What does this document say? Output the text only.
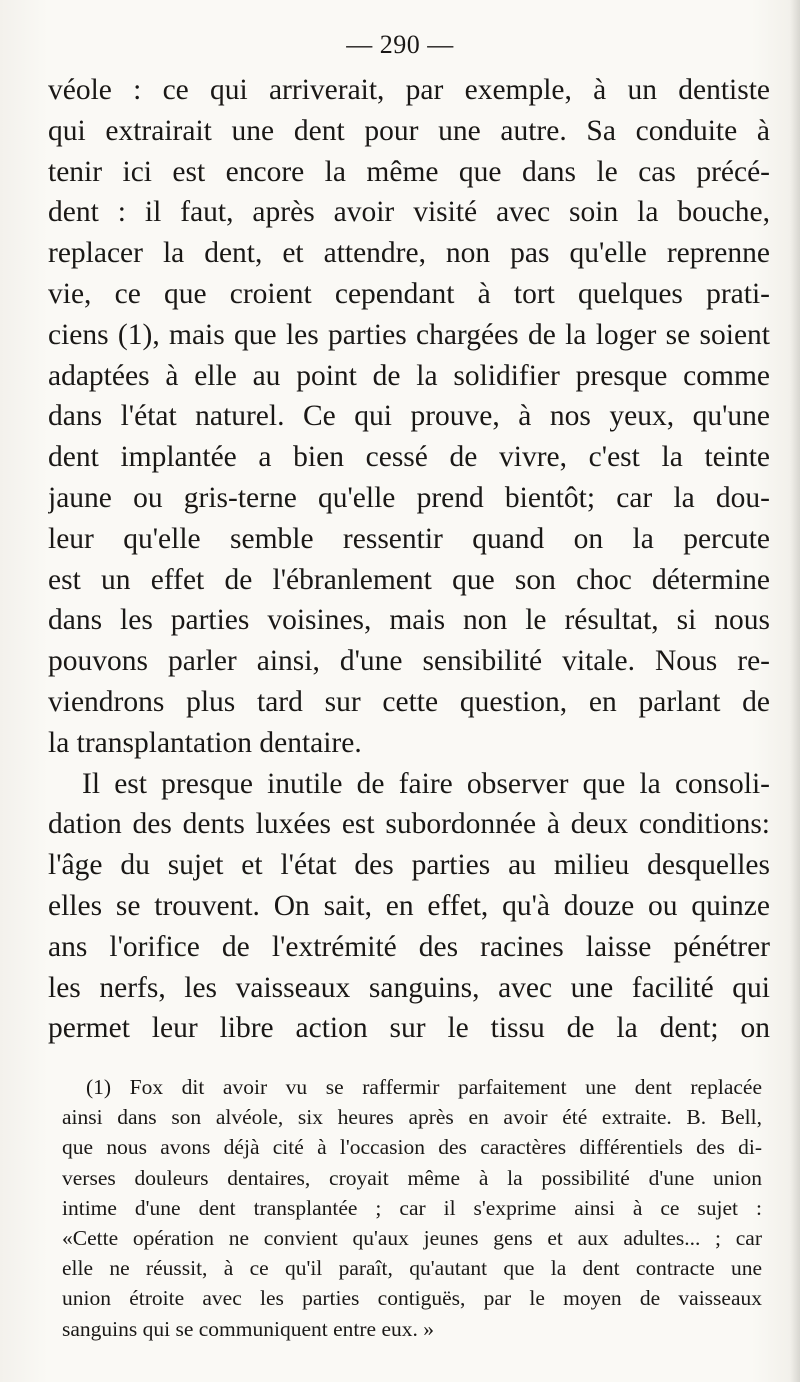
— 290 —
véole : ce qui arriverait, par exemple, à un dentiste
qui extrairait une dent pour une autre. Sa conduite à
tenir ici est encore la même que dans le cas précé-
dent : il faut, après avoir visité avec soin la bouche,
replacer la dent, et attendre, non pas qu'elle reprenne
vie, ce que croient cependant à tort quelques prati-
ciens (1), mais que les parties chargées de la loger se soient
adaptées à elle au point de la solidifier presque comme
dans l'état naturel. Ce qui prouve, à nos yeux, qu'une
dent implantée a bien cessé de vivre, c'est la teinte
jaune ou gris-terne qu'elle prend bientôt; car la dou-
leur qu'elle semble ressentir quand on la percute
est un effet de l'ébranlement que son choc détermine
dans les parties voisines, mais non le résultat, si nous
pouvons parler ainsi, d'une sensibilité vitale. Nous re-
viendrons plus tard sur cette question, en parlant de
la transplantation dentaire.
Il est presque inutile de faire observer que la consoli-
dation des dents luxées est subordonnée à deux conditions:
l'âge du sujet et l'état des parties au milieu desquelles
elles se trouvent. On sait, en effet, qu'à douze ou quinze
ans l'orifice de l'extrémité des racines laisse pénétrer
les nerfs, les vaisseaux sanguins, avec une facilité qui
permet leur libre action sur le tissu de la dent; on
(1) Fox dit avoir vu se raffermir parfaitement une dent replacée
ainsi dans son alvéole, six heures après en avoir été extraite. B. Bell,
que nous avons déjà cité à l'occasion des caractères différentiels des di-
verses douleurs dentaires, croyait même à la possibilité d'une union
intime d'une dent transplantée ; car il s'exprime ainsi à ce sujet :
«Cette opération ne convient qu'aux jeunes gens et aux adultes... ; car
elle ne réussit, à ce qu'il paraît, qu'autant que la dent contracte une
union étroite avec les parties contiguës, par le moyen de vaisseaux
sanguins qui se communiquent entre eux. »
